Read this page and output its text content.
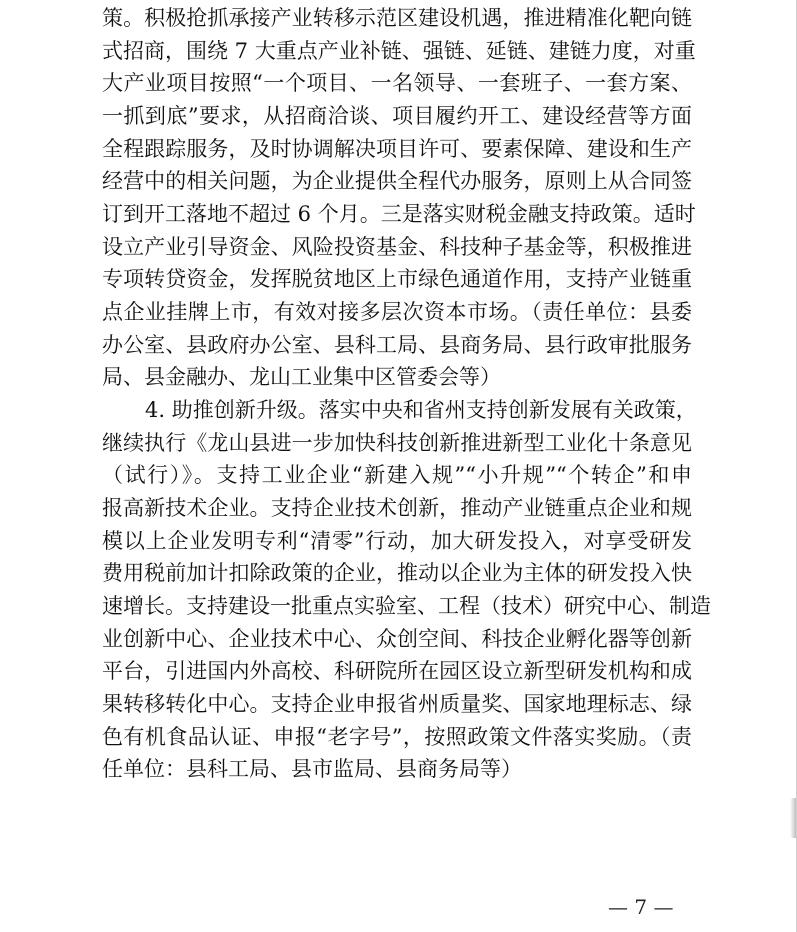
策。积极抢抓承接产业转移示范区建设机遇，推进精准化靶向链
式招商，围绕 7 大重点产业补链、强链、延链、建链力度，对重
大产业项目按照“一个项目、一名领导、一套班子、一套方案、
一抓到底”要求，从招商洽谈、项目履约开工、建设经营等方面
全程跟踪服务，及时协调解决项目许可、要素保障、建设和生产
经营中的相关问题，为企业提供全程代办服务，原则上从合同签
订到开工落地不超过 6 个月。三是落实财税金融支持政策。适时
设立产业引导资金、风险投资基金、科技种子基金等，积极推进
专项转贷资金，发挥脱贫地区上市绿色通道作用，支持产业链重
点企业挂牌上市，有效对接多层次资本市场。（责任单位：县委
办公室、县政府办公室、县科工局、县商务局、县行政审批服务
局、县金融办、龙山工业集中区管委会等）
4. 助推创新升级。落实中央和省州支持创新发展有关政策，
继续执行《龙山县进一步加快科技创新推进新型工业化十条意见
（试行）》。支持工业企业“新建入规”“小升规”“个转企”和申
报高新技术企业。支持企业技术创新，推动产业链重点企业和规
模以上企业发明专利“清零”行动，加大研发投入，对享受研发
费用税前加计扣除政策的企业，推动以企业为主体的研发投入快
速增长。支持建设一批重点实验室、工程（技术）研究中心、制造
业创新中心、企业技术中心、众创空间、科技企业孵化器等创新
平台，引进国内外高校、科研院所在园区设立新型研发机构和成
果转移转化中心。支持企业申报省州质量奖、国家地理标志、绿
色有机食品认证、申报“老字号”，按照政策文件落实奖励。（责
任单位：县科工局、县市监局、县商务局等）
— 7 —
